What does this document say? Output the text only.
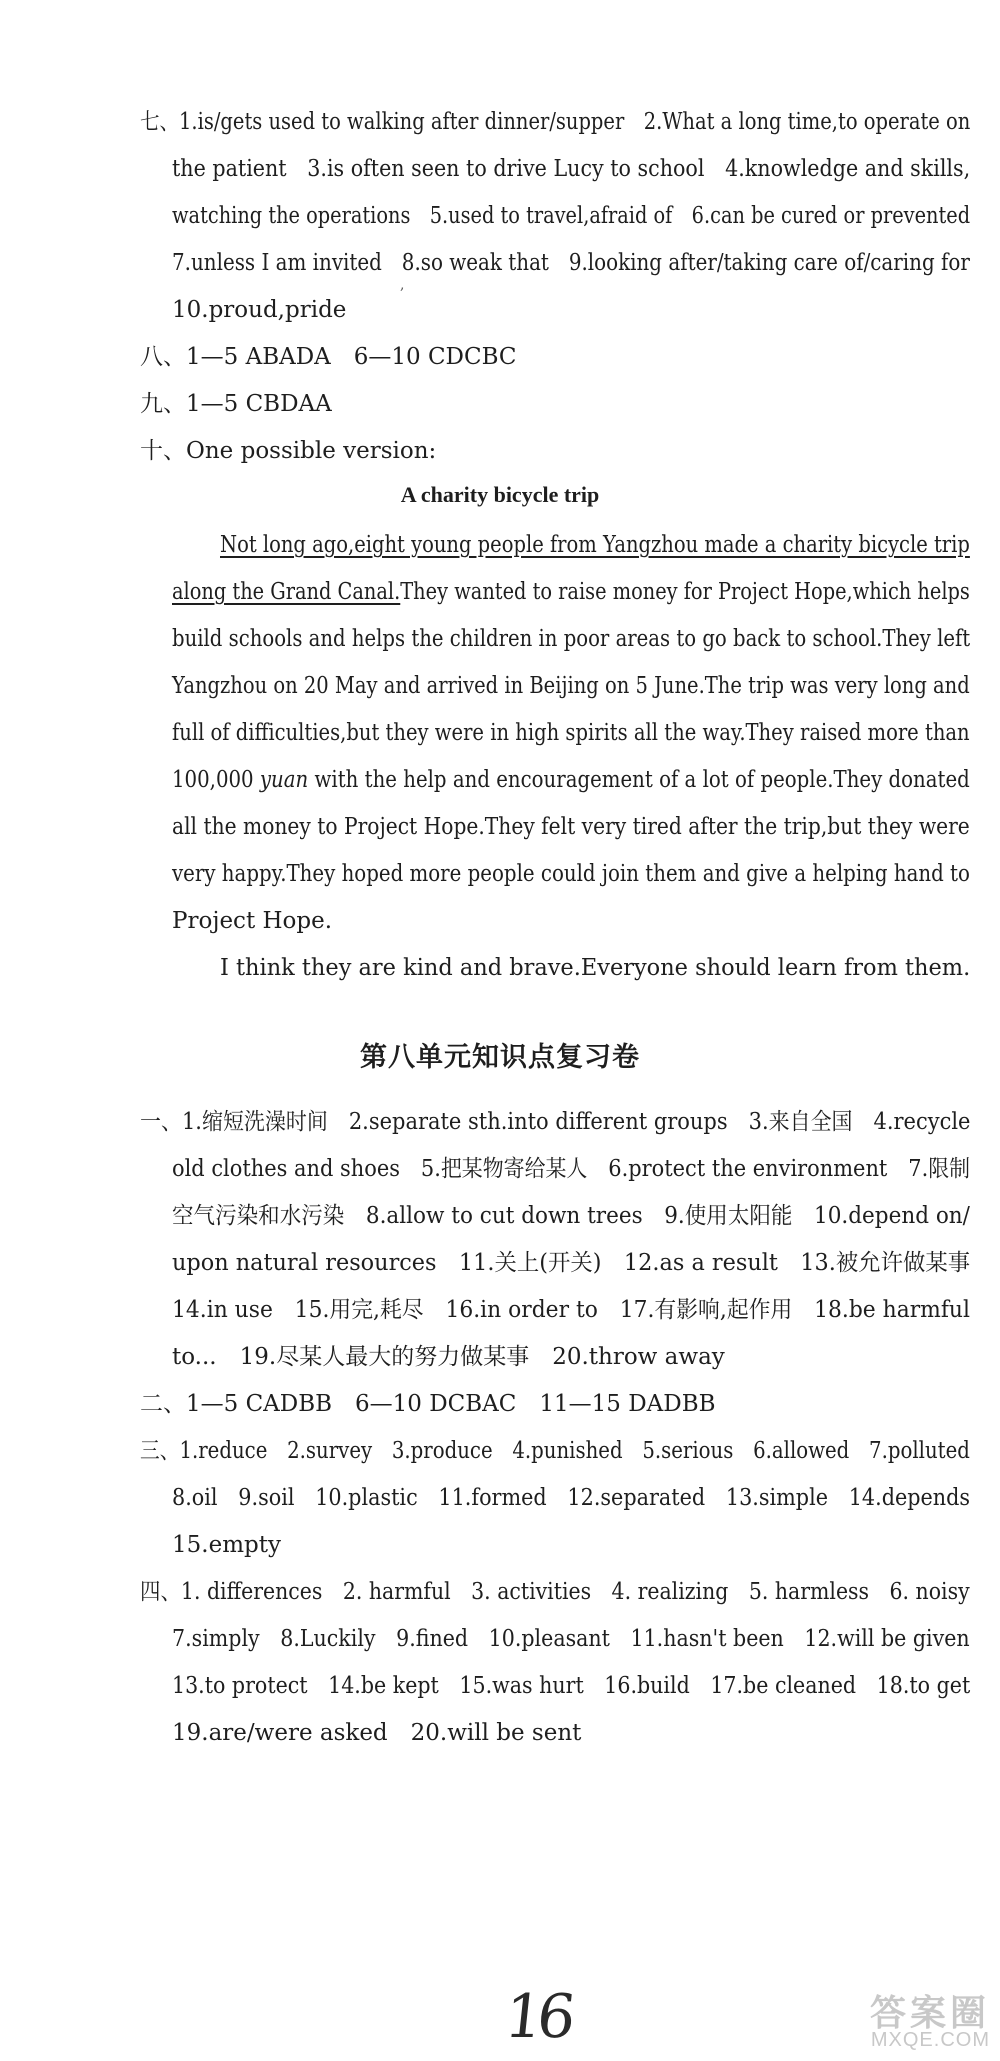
七、1.is/gets used to walking after dinner/supper　2.What a long time,to operate on
the patient　3.is often seen to drive Lucy to school　4.knowledge and skills,
watching the operations　5.used to travel,afraid of　6.can be cured or prevented
7.unless I am invited　8.so weak that　9.looking after/taking care of/caring for
,
10.proud,pride
八、1—5 ABADA　6—10 CDCBC
九、1—5 CBDAA
十、One possible version:
A charity bicycle trip
Not long ago,eight young people from Yangzhou made a charity bicycle trip
along the Grand Canal.They wanted to raise money for Project Hope,which helps
build schools and helps the children in poor areas to go back to school.They left
Yangzhou on 20 May and arrived in Beijing on 5 June.The trip was very long and
full of difficulties,but they were in high spirits all the way.They raised more than
100,000 yuan with the help and encouragement of a lot of people.They donated
all the money to Project Hope.They felt very tired after the trip,but they were
very happy.They hoped more people could join them and give a helping hand to
Project Hope.
I think they are kind and brave.Everyone should learn from them.
第八单元知识点复习卷
一、1.缩短洗澡时间　2.separate sth.into different groups　3.来自全国　4.recycle
old clothes and shoes　5.把某物寄给某人　6.protect the environment　7.限制
空气污染和水污染　8.allow to cut down trees　9.使用太阳能　10.depend on/
upon natural resources　11.关上(开关)　12.as a result　13.被允许做某事
14.in use　15.用完,耗尽　16.in order to　17.有影响,起作用　18.be harmful
to...　19.尽某人最大的努力做某事　20.throw away
二、1—5 CADBB　6—10 DCBAC　11—15 DADBB
三、1.reduce　2.survey　3.produce　4.punished　5.serious　6.allowed　7.polluted
8.oil　9.soil　10.plastic　11.formed　12.separated　13.simple　14.depends
15.empty
四、1. differences　2. harmful　3. activities　4. realizing　5. harmless　6. noisy
7.simply　8.Luckily　9.fined　10.pleasant　11.hasn't been　12.will be given
13.to protect　14.be kept　15.was hurt　16.build　17.be cleaned　18.to get
19.are/were asked　20.will be sent
16	答案圈
MXQE.COM
